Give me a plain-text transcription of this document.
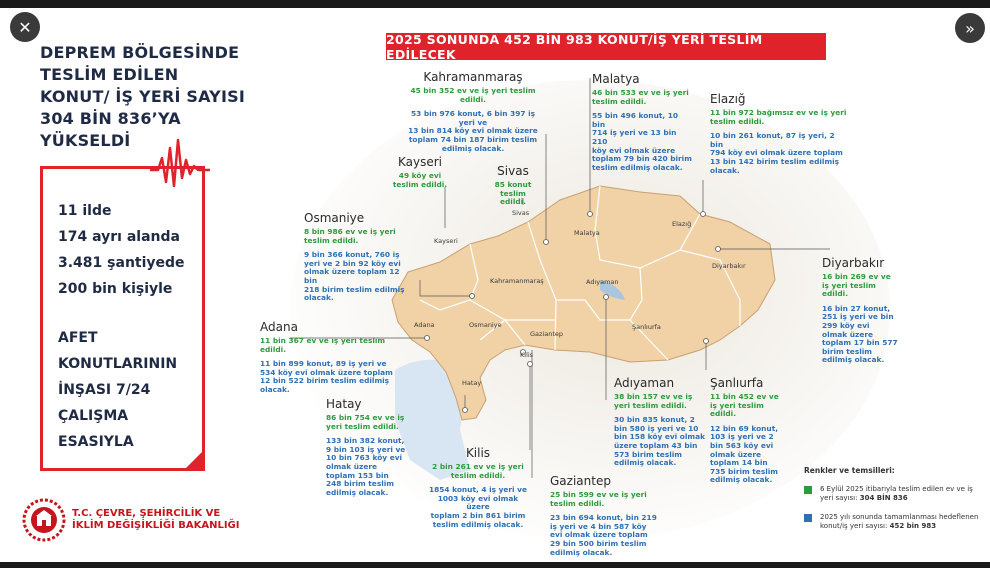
DEPREM BÖLGESİNDE
TESLİM EDİLEN
KONUT/ İŞ YERİ SAYISI
304 BİN 836’YA
YÜKSELDİ
11 ilde
174 ayrı alanda
3.481 şantiyede
200 bin kişiyle
AFET
KONUTLARININ
İNŞASI 7/24
ÇALIŞMA
ESASIYLA
T.C. ÇEVRE, ŞEHİRCİLİK VE
İKLİM DEĞİŞİKLİĞİ BAKANLIĞI
2025 SONUNDA 452 BİN 983 KONUT/İŞ YERİ TESLİM EDİLECEK
Sivas
Malatya
Elazığ
Kayseri
Kahramanmaraş
Diyarbakır
Adıyaman
Adana	Osmaniye
Gaziantep
Şanlıurfa
Kilis
Hatay
Kahramanmaraş
45 bin 352 ev ve iş yeri teslim edildi.
53 bin 976 konut, 6 bin 397 iş yeri ve
13 bin 814 köy evi olmak üzere
toplam 74 bin 187 birim teslim
edilmiş olacak.
Malatya
46 bin 533 ev ve iş yeri
teslim edildi.
55 bin 496 konut, 10 bin
714 iş yeri ve 13 bin 210
köy evi olmak üzere
toplam 79 bin 420 birim
teslim edilmiş olacak.
Elazığ
11 bin 972 bağımsız ev ve iş yeri
teslim edildi.
10 bin 261 konut, 87 iş yeri, 2 bin
794 köy evi olmak üzere toplam
13 bin 142 birim teslim edilmiş olacak.
Kayseri
49 köy evi
teslim edildi.
Sivas
85 konut
teslim edildi.
Osmaniye
8 bin 986 ev ve iş yeri
teslim edildi.
9 bin 366 konut, 760 iş
yeri ve 2 bin 92 köy evi
olmak üzere toplam 12 bin
218 birim teslim edilmiş
olacak.
Diyarbakır
16 bin 269 ev ve
iş yeri teslim
edildi.
16 bin 27 konut,
251 iş yeri ve bin
299 köy evi
olmak üzere
toplam 17 bin 577
birim teslim
edilmiş olacak.
Adana
11 bin 367 ev ve iş yeri teslim
edildi.
11 bin 899 konut, 89 iş yeri ve
534 köy evi olmak üzere toplam
12 bin 522 birim teslim edilmiş
olacak.
Hatay
86 bin 754 ev ve iş
yeri teslim edildi.
133 bin 382 konut,
9 bin 103 iş yeri ve
10 bin 763 köy evi
olmak üzere
toplam 153 bin
248 birim teslim
edilmiş olacak.
Adıyaman
38 bin 157 ev ve iş
yeri teslim edildi.
30 bin 835 konut, 2
bin 580 iş yeri ve 10
bin 158 köy evi olmak
üzere toplam 43 bin
573 birim teslim
edilmiş olacak.
Şanlıurfa
11 bin 452 ev ve
iş yeri teslim
edildi.
12 bin 69 konut,
103 iş yeri ve 2
bin 563 köy evi
olmak üzere
toplam 14 bin
735 birim teslim
edilmiş olacak.
Kilis
2 bin 261 ev ve iş yeri
teslim edildi.
1854 konut, 4 iş yeri ve
1003 köy evi olmak üzere
toplam 2 bin 861 birim
teslim edilmiş olacak.
Gaziantep
25 bin 599 ev ve iş yeri
teslim edildi.
23 bin 694 konut, bin 219
iş yeri ve 4 bin 587 köy
evi olmak üzere toplam
29 bin 500 birim teslim
edilmiş olacak.
Renkler ve temsilleri:
6 Eylül 2025 itibarıyla teslim edilen ev ve iş yeri sayısı: 304 BİN 836
2025 yılı sonunda tamamlanması hedeflenen konut/iş yeri sayısı: 452 bin 983
✕	»
